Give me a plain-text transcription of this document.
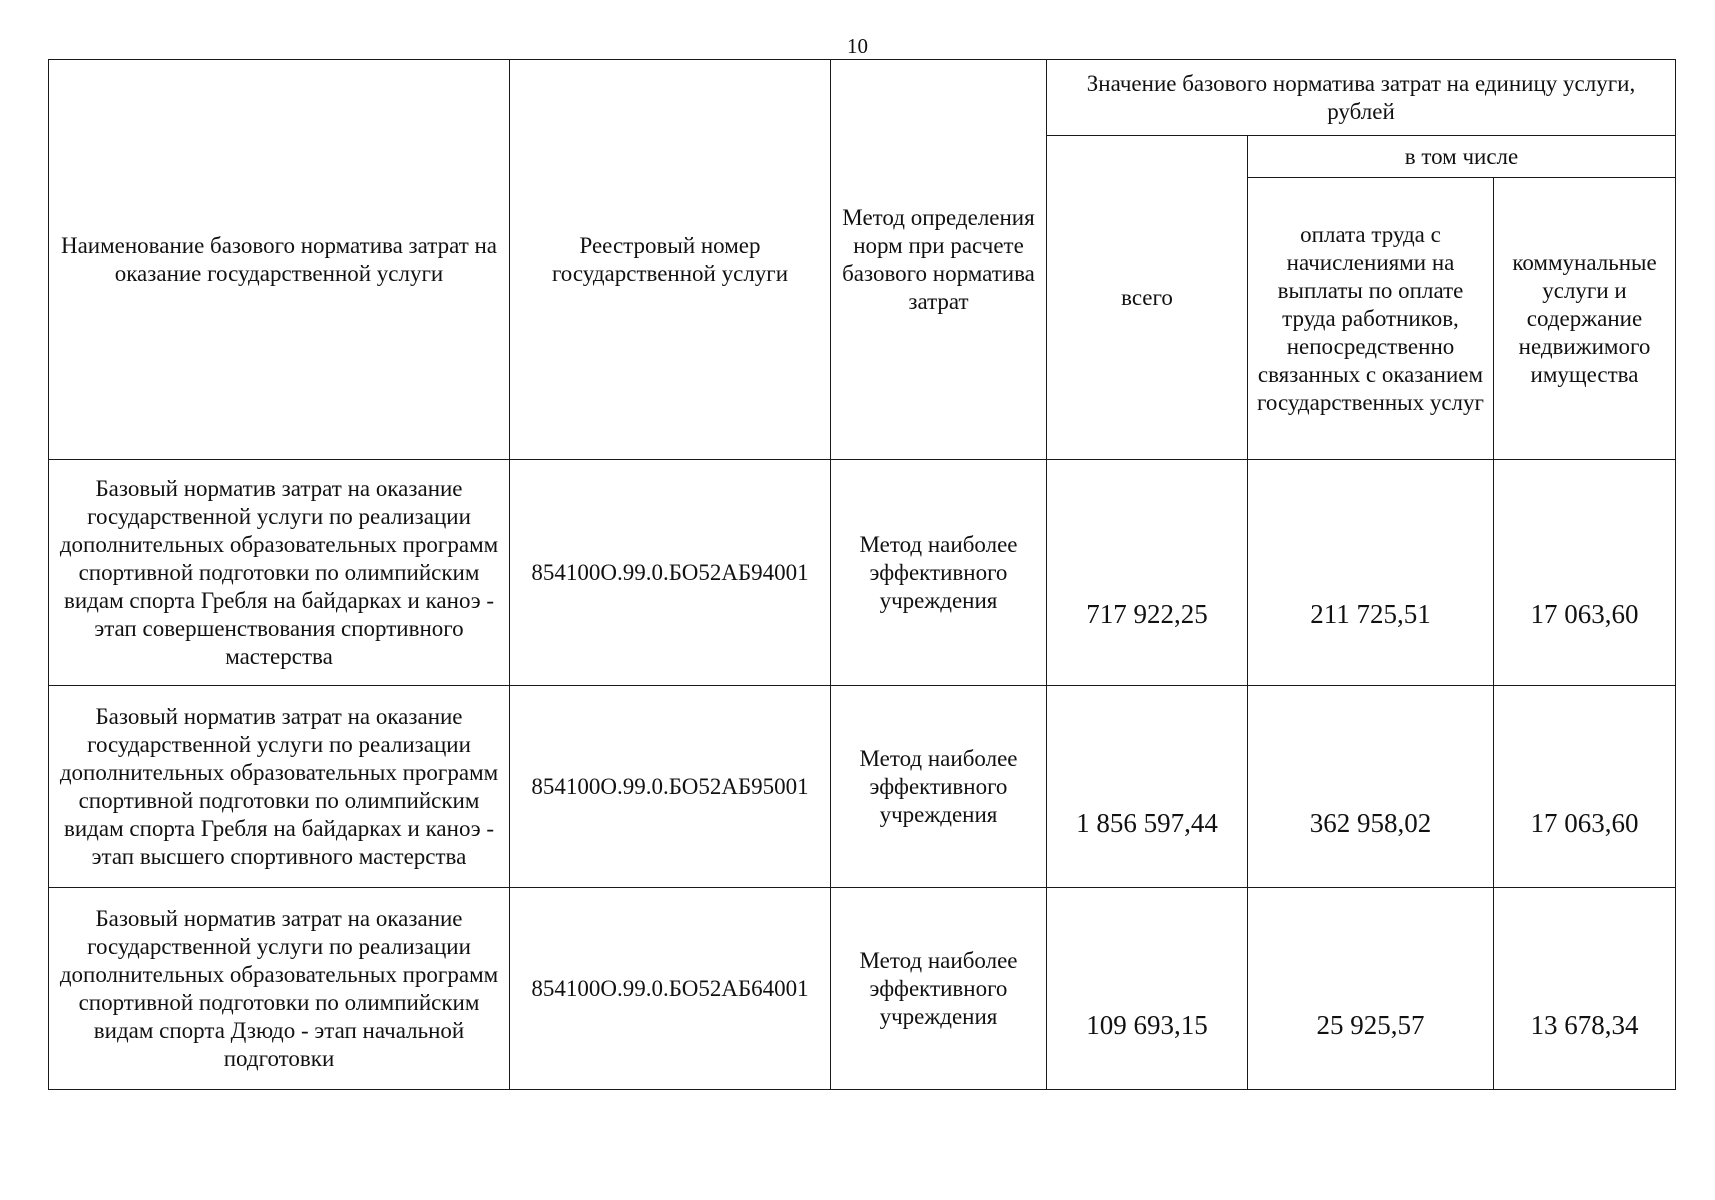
10
Наименование базового норматива затрат на оказание государственной услуги	Реестровый номер государственной услуги	Метод определения норм при расчете базового норматива затрат	Значение базового норматива затрат на единицу услуги, рублей		
			всего	в том числе	
				оплата труда с начислениями на выплаты по оплате труда работников, непосредственно связанных с оказанием государственных услуг	коммунальные услуги и содержание недвижимого имущества
Базовый норматив затрат на оказание государственной услуги по реализации дополнительных образовательных программ спортивной подготовки по олимпийским видам спорта Гребля на байдарках и каноэ - этап совершенствования спортивного мастерства	854100О.99.0.БО52АБ94001	Метод наиболее эффективного учреждения	717 922,25	211 725,51	17 063,60
Базовый норматив затрат на оказание государственной услуги по реализации дополнительных образовательных программ спортивной подготовки по олимпийским видам спорта Гребля на байдарках и каноэ - этап высшего спортивного мастерства	854100О.99.0.БО52АБ95001	Метод наиболее эффективного учреждения	1 856 597,44	362 958,02	17 063,60
Базовый норматив затрат на оказание государственной услуги по реализации дополнительных образовательных программ спортивной подготовки по олимпийским видам спорта Дзюдо - этап начальной подготовки	854100О.99.0.БО52АБ64001	Метод наиболее эффективного учреждения	109 693,15	25 925,57	13 678,34
